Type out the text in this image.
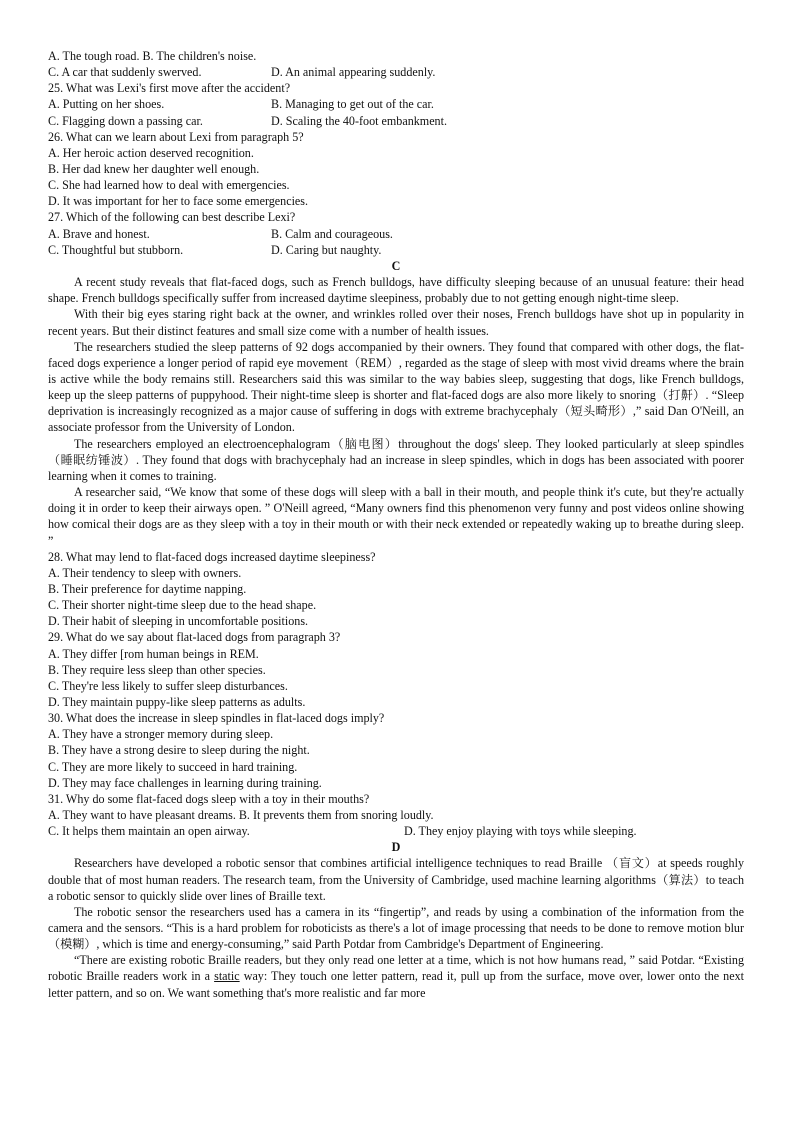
A. The tough road. B. The children's noise.
C. A car that suddenly swerved.	D. An animal appearing suddenly.
25. What was Lexi's first move after the accident?
A. Putting on her shoes.	B. Managing to get out of the car.
C. Flagging down a passing car.	D. Scaling the 40-foot embankment.
26. What can we learn about Lexi from paragraph 5?
A. Her heroic action deserved recognition.
B. Her dad knew her daughter well enough.
C. She had learned how to deal with emergencies.
D. It was important for her to face some emergencies.
27. Which of the following can best describe Lexi?
A. Brave and honest.	B. Calm and courageous.
C. Thoughtful but stubborn.	D. Caring but naughty.
C
A recent study reveals that flat-faced dogs, such as French bulldogs, have difficulty sleeping because of an unusual feature: their head shape. French bulldogs specifically suffer from increased daytime sleepiness, probably due to not getting enough night-time sleep.
With their big eyes staring right back at the owner, and wrinkles rolled over their noses, French bulldogs have shot up in popularity in recent years. But their distinct features and small size come with a number of health issues.
The researchers studied the sleep patterns of 92 dogs accompanied by their owners. They found that compared with other dogs, the flat-faced dogs experience a longer period of rapid eye movement（REM）, regarded as the stage of sleep with most vivid dreams where the brain is active while the body remains still. Researchers said this was similar to the way babies sleep, suggesting that dogs, like French bulldogs, keep up the sleep patterns of puppyhood. Their night-time sleep is shorter and flat-faced dogs are also more likely to snoring（打鼾）. “Sleep deprivation is increasingly recognized as a major cause of suffering in dogs with extreme brachycephaly（短头畸形）,” said Dan O'Neill, an associate professor from the University of London.
The researchers employed an electroencephalogram（脑电图）throughout the dogs' sleep. They looked particularly at sleep spindles （睡眠纺锤波）. They found that dogs with brachycephaly had an increase in sleep spindles, which in dogs has been associated with poorer learning when it comes to training.
A researcher said, “We know that some of these dogs will sleep with a ball in their mouth, and people think it's cute, but they're actually doing it in order to keep their airways open. ” O'Neill agreed, “Many owners find this phenomenon very funny and post videos online showing how comical their dogs are as they sleep with a toy in their mouth or with their neck extended or repeatedly waking up to breathe during sleep. ”
28. What may lend to flat-faced dogs increased daytime sleepiness?
A. Their tendency to sleep with owners.
B. Their preference for daytime napping.
C. Their shorter night-time sleep due to the head shape.
D. Their habit of sleeping in uncomfortable positions.
29. What do we say about flat-laced dogs from paragraph 3?
A. They differ [rom human beings in REM.
B. They require less sleep than other species.
C. They're less likely to suffer sleep disturbances.
D. They maintain puppy-like sleep patterns as adults.
30. What does the increase in sleep spindles in flat-laced dogs imply?
A. They have a stronger memory during sleep.
B. They have a strong desire to sleep during the night.
C. They are more likely to succeed in hard training.
D. They may face challenges in learning during training.
31. Why do some flat-faced dogs sleep with a toy in their mouths?
A. They want to have pleasant dreams. B. It prevents them from snoring loudly.
C. It helps them maintain an open airway.	D. They enjoy playing with toys while sleeping.
D
Researchers have developed a robotic sensor that combines artificial intelligence techniques to read Braille （盲文）at speeds roughly double that of most human readers. The research team, from the University of Cambridge, used machine learning algorithms（算法）to teach a robotic sensor to quickly slide over lines of Braille text.
The robotic sensor the researchers used has a camera in its “fingertip”, and reads by using a combination of the information from the camera and the sensors. “This is a hard problem for roboticists as there's a lot of image processing that needs to be done to remove motion blur （模糊）, which is time and energy-consuming,” said Parth Potdar from Cambridge's Department of Engineering.
“There are existing robotic Braille readers, but they only read one letter at a time, which is not how humans read, ” said Potdar. “Existing robotic Braille readers work in a static way: They touch one letter pattern, read it, pull up from the surface, move over, lower onto the next letter pattern, and so on. We want something that's more realistic and far more
